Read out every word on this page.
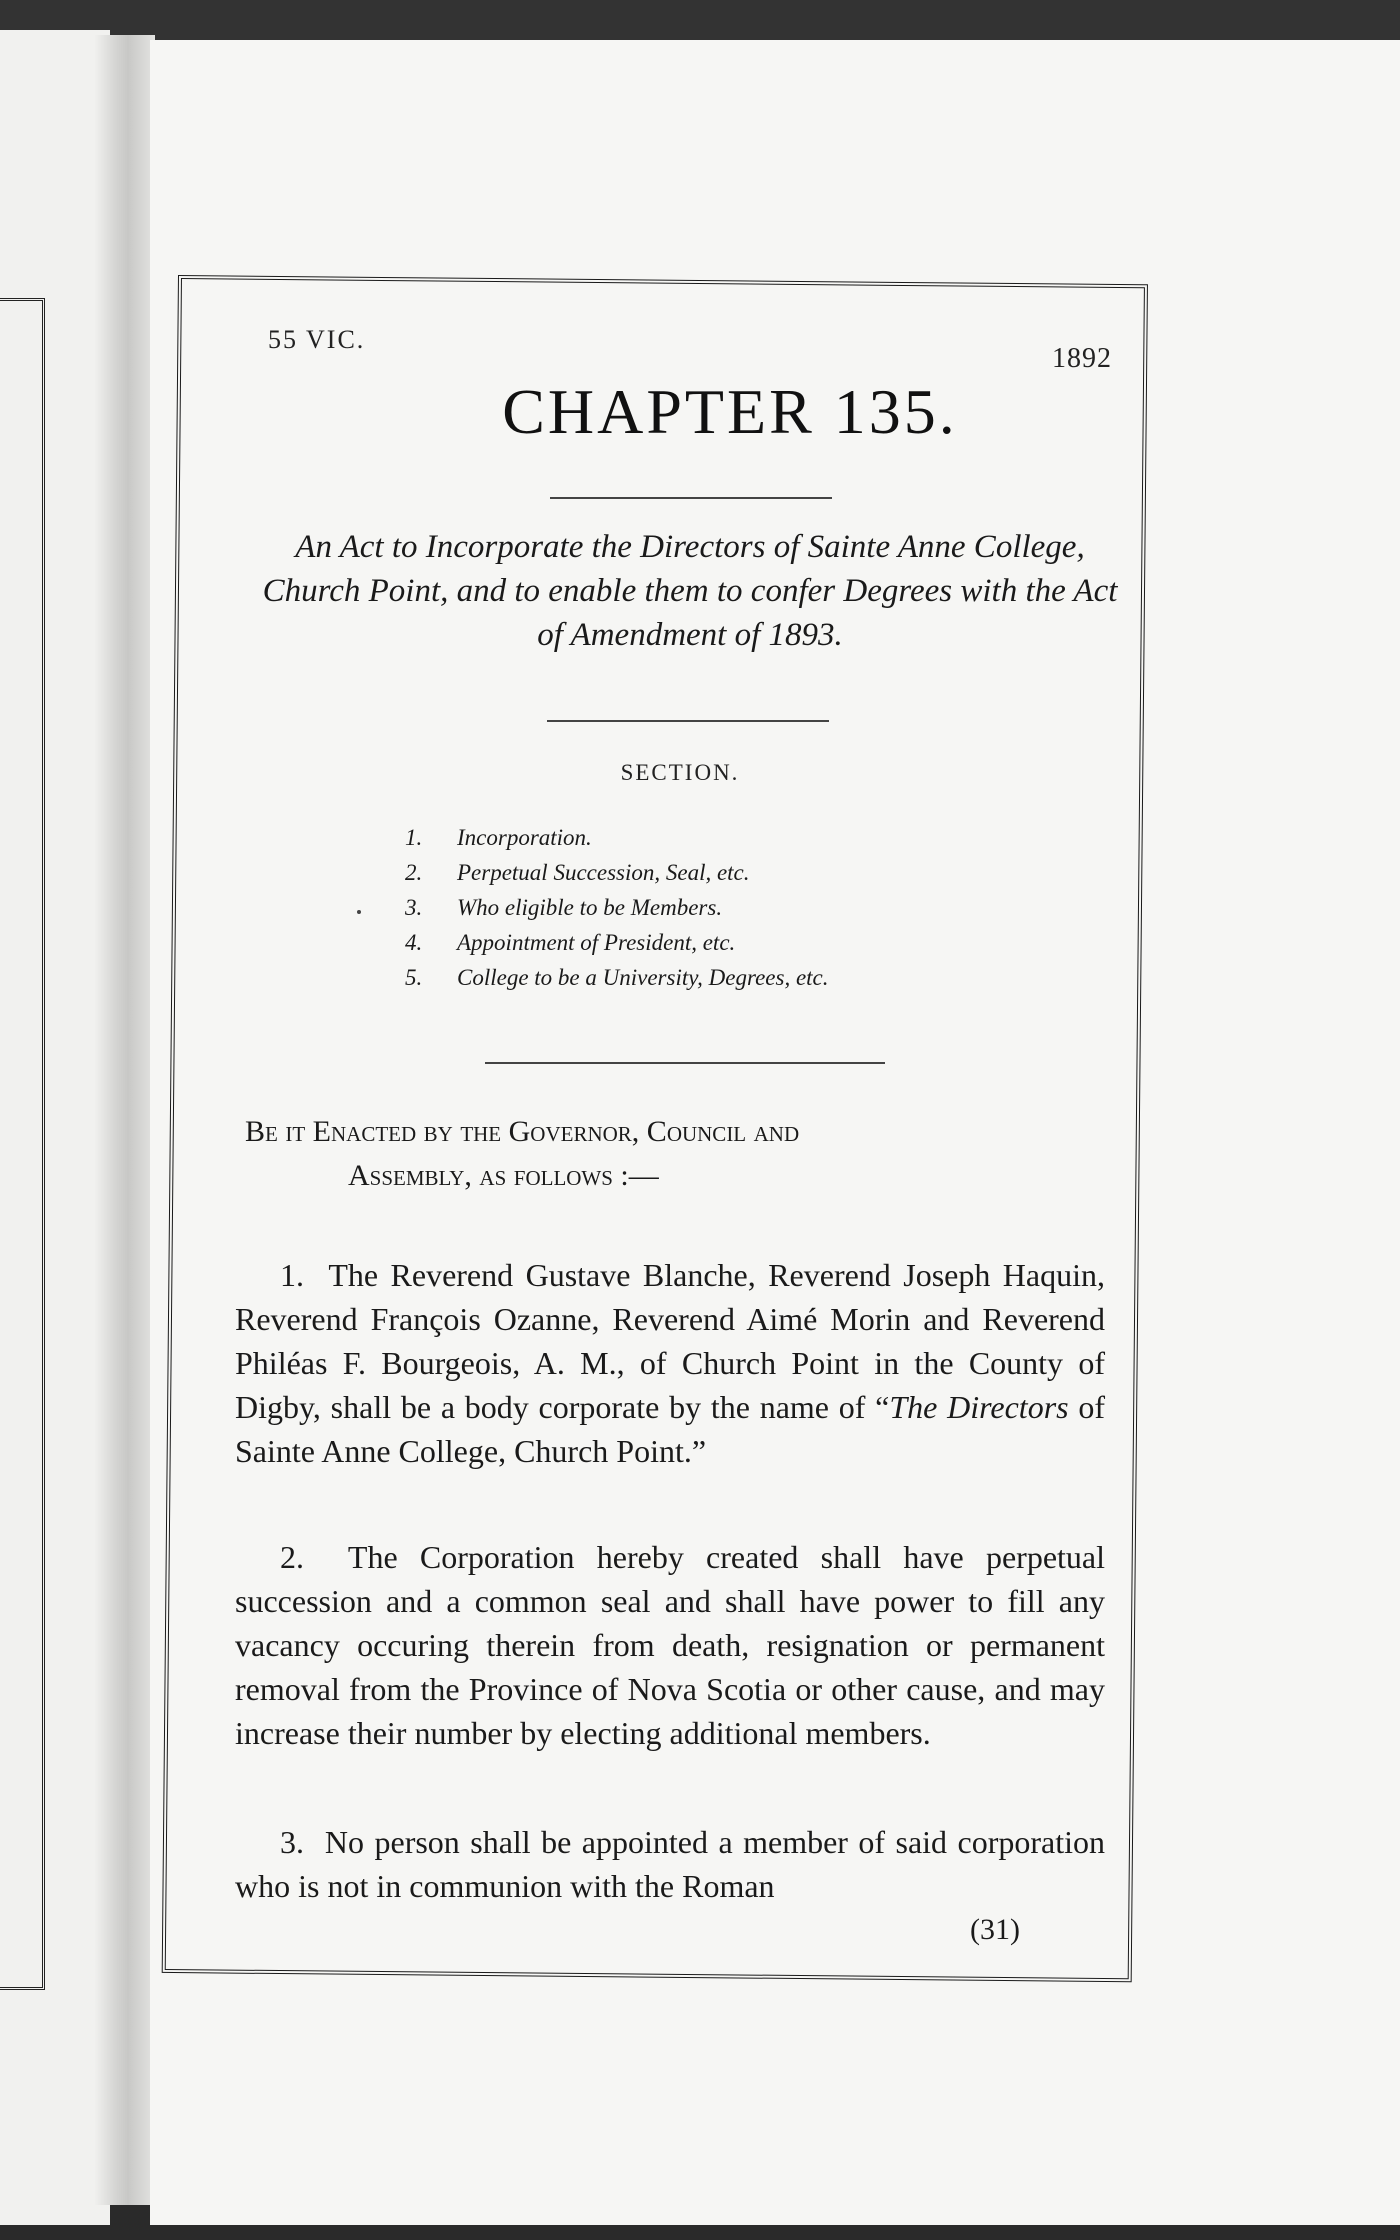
55 VIC.
1892
CHAPTER 135.
An Act to Incorporate the Directors of Sainte Anne College, Church Point, and to enable them to confer Degrees with the Act of Amendment of 1893.
SECTION.
1.	Incorporation.
2.	Perpetual Succession, Seal, etc.
3.	Who eligible to be Members.
4.	Appointment of President, etc.
5.	College to be a University, Degrees, etc.
Be it Enacted by the Governor, Council and
Assembly, as follows :—
1. The Reverend Gustave Blanche, Reverend Joseph Haquin, Reverend François Ozanne, Reverend Aimé Morin and Reverend Philéas F. Bourgeois, A. M., of Church Point in the County of Digby, shall be a body corporate by the name of “The Directors of Sainte Anne College, Church Point.”
2. The Corporation hereby created shall have perpetual succession and a common seal and shall have power to fill any vacancy occuring therein from death, resignation or permanent removal from the Province of Nova Scotia or other cause, and may increase their number by electing additional members.
3. No person shall be appointed a member of said corporation who is not in communion with the Roman
(31)
